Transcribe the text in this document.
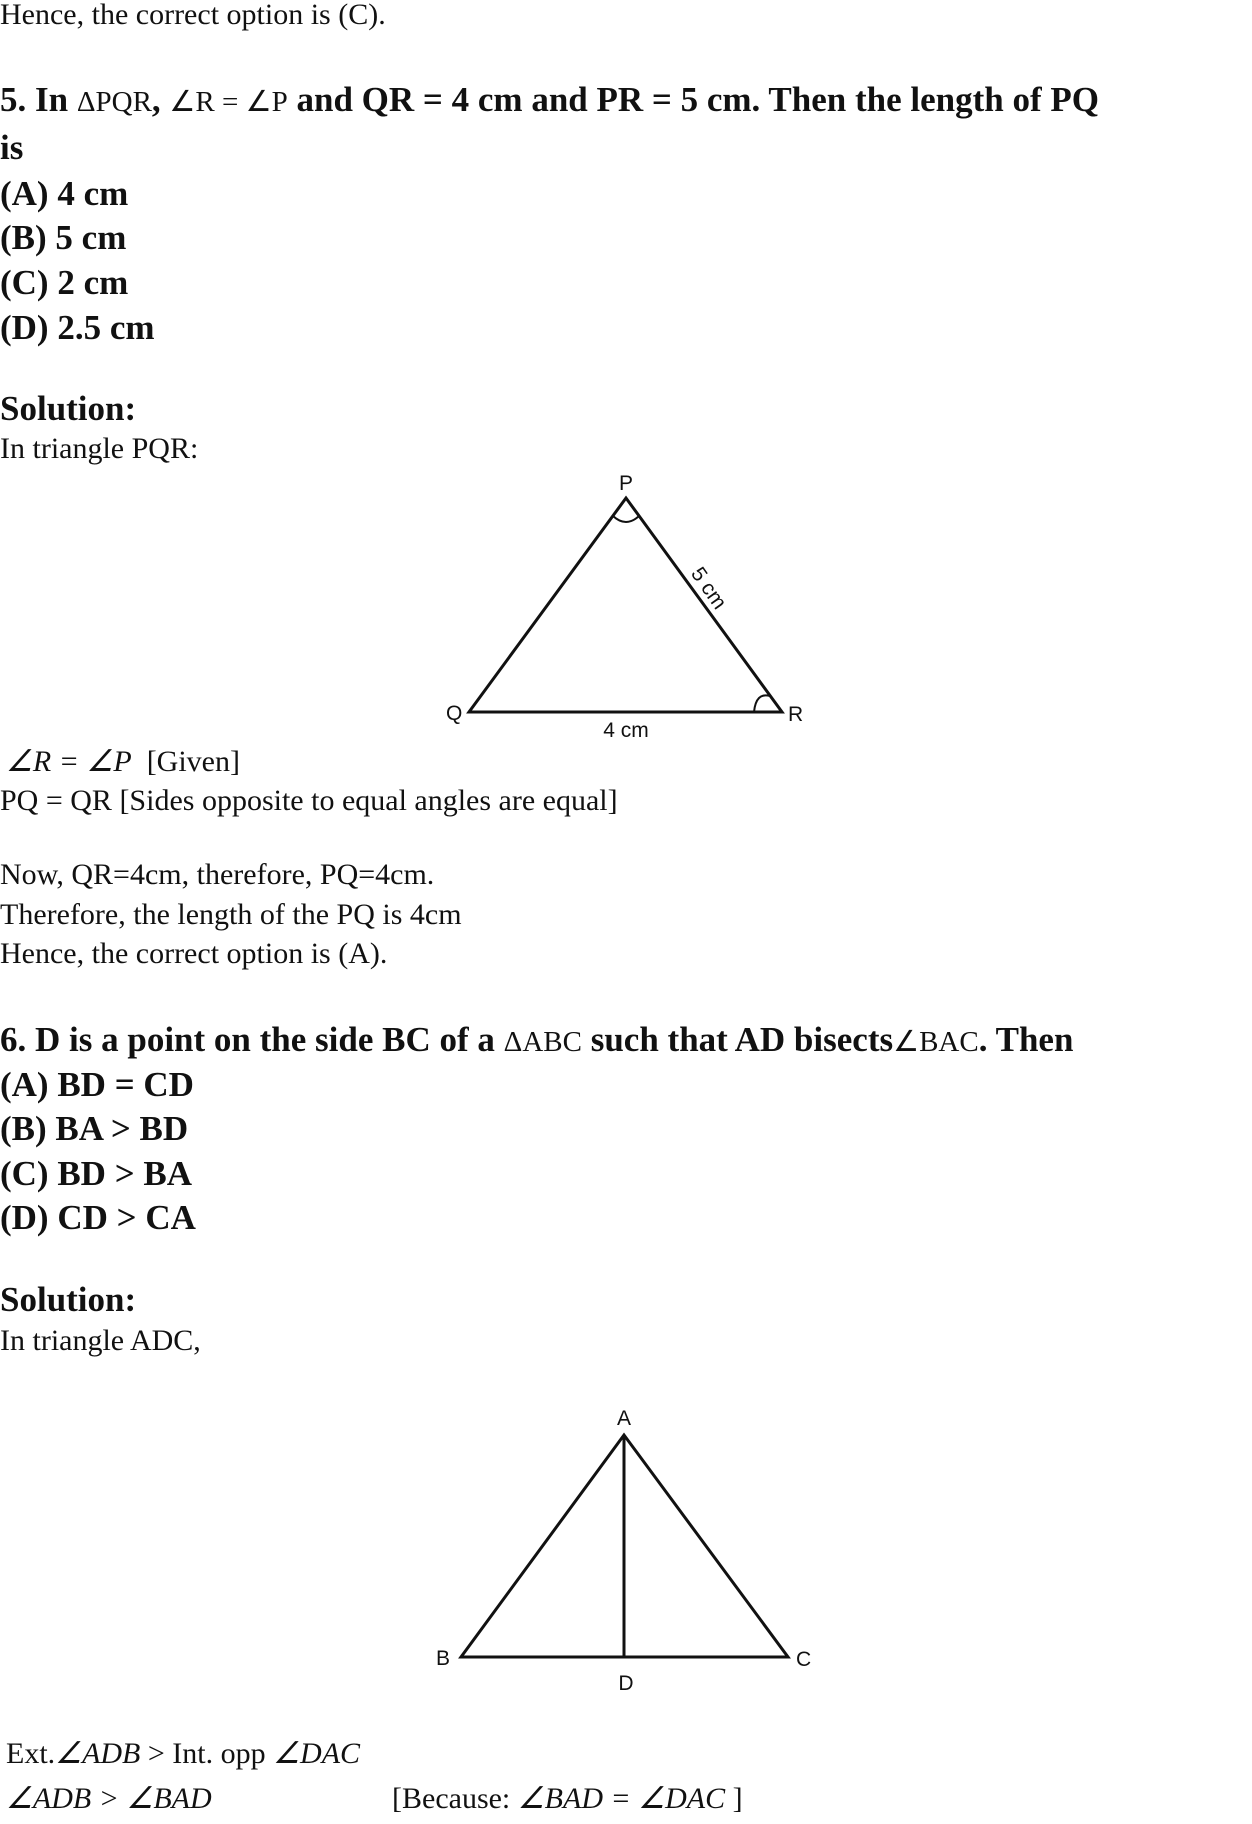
Hence, the correct option is (C).
5. In ΔPQR, ∠R = ∠P and QR = 4 cm and PR = 5 cm. Then the length of PQ
is
(A) 4 cm
(B) 5 cm
(C) 2 cm
(D) 2.5 cm
Solution:
In triangle PQR:
P
Q	R
4 cm
5 cm
A
B	C
D
∠R = ∠P [Given]
PQ = QR [Sides opposite to equal angles are equal]
Now, QR=4cm, therefore, PQ=4cm.
Therefore, the length of the PQ is 4cm
Hence, the correct option is (A).
6. D is a point on the side BC of a ΔABC such that AD bisects∠BAC. Then
(A) BD = CD
(B) BA > BD
(C) BD > BA
(D) CD > CA
Solution:
In triangle ADC,
Ext.∠ADB > Int. opp ∠DAC
∠ADB > ∠BAD	[Because: ∠BAD = ∠DAC ]
